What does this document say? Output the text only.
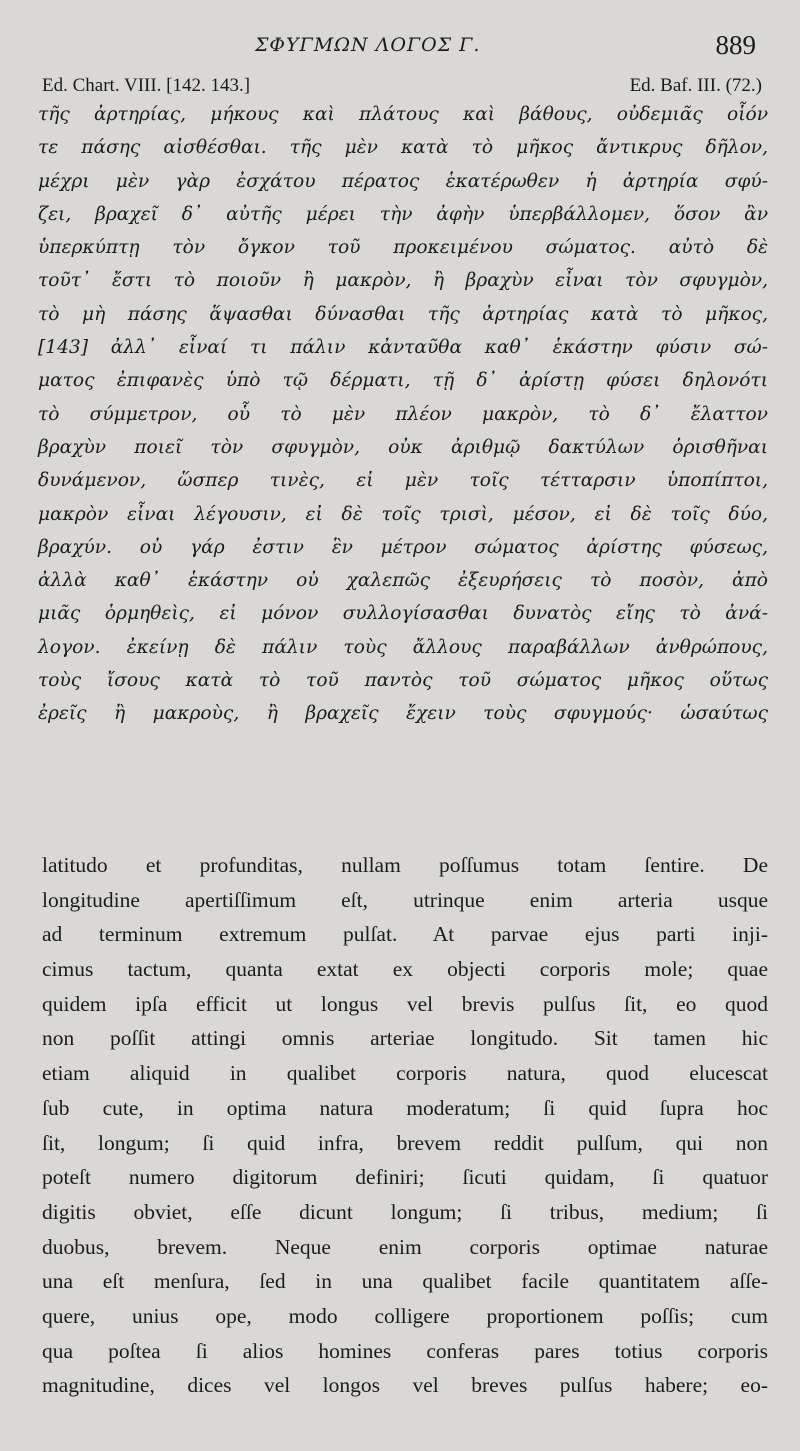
ΣΦΥΓΜΩΝ ΛΟΓΟΣ Γ.	889
Ed. Chart. VIII. [142. 143.]	Ed. Baf. III. (72.)
τῆς ἀρτηρίας, μήκους καὶ πλάτους καὶ βάθους, οὐδεμιᾶς οἷόν
τε πάσης αἰσθέσθαι. τῆς μὲν κατὰ τὸ μῆκος ἄντικρυς δῆλον,
μέχρι μὲν γὰρ ἐσχάτου πέρατος ἑκατέρωθεν ἡ ἀρτηρία σφύ-
ζει, βραχεῖ δ᾽ αὐτῆς μέρει τὴν ἀφὴν ὑπερβάλλομεν, ὅσον ἂν
ὑπερκύπτῃ τὸν ὄγκον τοῦ προκειμένου σώματος. αὐτὸ δὲ
τοῦτ᾽ ἔστι τὸ ποιοῦν ἢ μακρὸν, ἢ βραχὺν εἶναι τὸν σφυγμὸν,
τὸ μὴ πάσης ἅψασθαι δύνασθαι τῆς ἀρτηρίας κατὰ τὸ μῆκος,
[143] ἀλλ᾽ εἶναί τι πάλιν κἀνταῦθα καθ᾽ ἑκάστην φύσιν σώ-
ματος ἐπιφανὲς ὑπὸ τῷ δέρματι, τῇ δ᾽ ἀρίστῃ φύσει δηλονότι
τὸ σύμμετρον, οὗ τὸ μὲν πλέον μακρὸν, τὸ δ᾽ ἔλαττον
βραχὺν ποιεῖ τὸν σφυγμὸν, οὐκ ἀριθμῷ δακτύλων ὁρισθῆναι
δυνάμενον, ὥσπερ τινὲς, εἰ μὲν τοῖς τέτταρσιν ὑποπίπτοι,
μακρὸν εἶναι λέγουσιν, εἰ δὲ τοῖς τρισὶ, μέσον, εἰ δὲ τοῖς δύο,
βραχύν. οὐ γάρ ἐστιν ἓν μέτρον σώματος ἀρίστης φύσεως,
ἀλλὰ καθ᾽ ἑκάστην οὐ χαλεπῶς ἐξευρήσεις τὸ ποσὸν, ἀπὸ
μιᾶς ὁρμηθεὶς, εἰ μόνον συλλογίσασθαι δυνατὸς εἴης τὸ ἀνά-
λογον. ἐκείνῃ δὲ πάλιν τοὺς ἄλλους παραβάλλων ἀνθρώπους,
τοὺς ἴσους κατὰ τὸ τοῦ παντὸς τοῦ σώματος μῆκος οὕτως
ἐρεῖς ἢ μακροὺς, ἢ βραχεῖς ἔχειν τοὺς σφυγμούς· ὡσαύτως
latitudo et profunditas, nullam poſſumus totam ſentire. De
longitudine apertiſſimum eſt, utrinque enim arteria usque
ad terminum extremum pulſat. At parvae ejus parti inji-
cimus tactum, quanta extat ex objecti corporis mole; quae
quidem ipſa efficit ut longus vel brevis pulſus ſit, eo quod
non poſſit attingi omnis arteriae longitudo. Sit tamen hic
etiam aliquid in qualibet corporis natura, quod elucescat
ſub cute, in optima natura moderatum; ſi quid ſupra hoc
ſit, longum; ſi quid infra, brevem reddit pulſum, qui non
poteſt numero digitorum definiri; ſicuti quidam, ſi quatuor
digitis obviet, eſſe dicunt longum; ſi tribus, medium; ſi
duobus, brevem. Neque enim corporis optimae naturae
una eſt menſura, ſed in una qualibet facile quantitatem aſſe-
quere, unius ope, modo colligere proportionem poſſis; cum
qua poſtea ſi alios homines conferas pares totius corporis
magnitudine, dices vel longos vel breves pulſus habere; eo-
